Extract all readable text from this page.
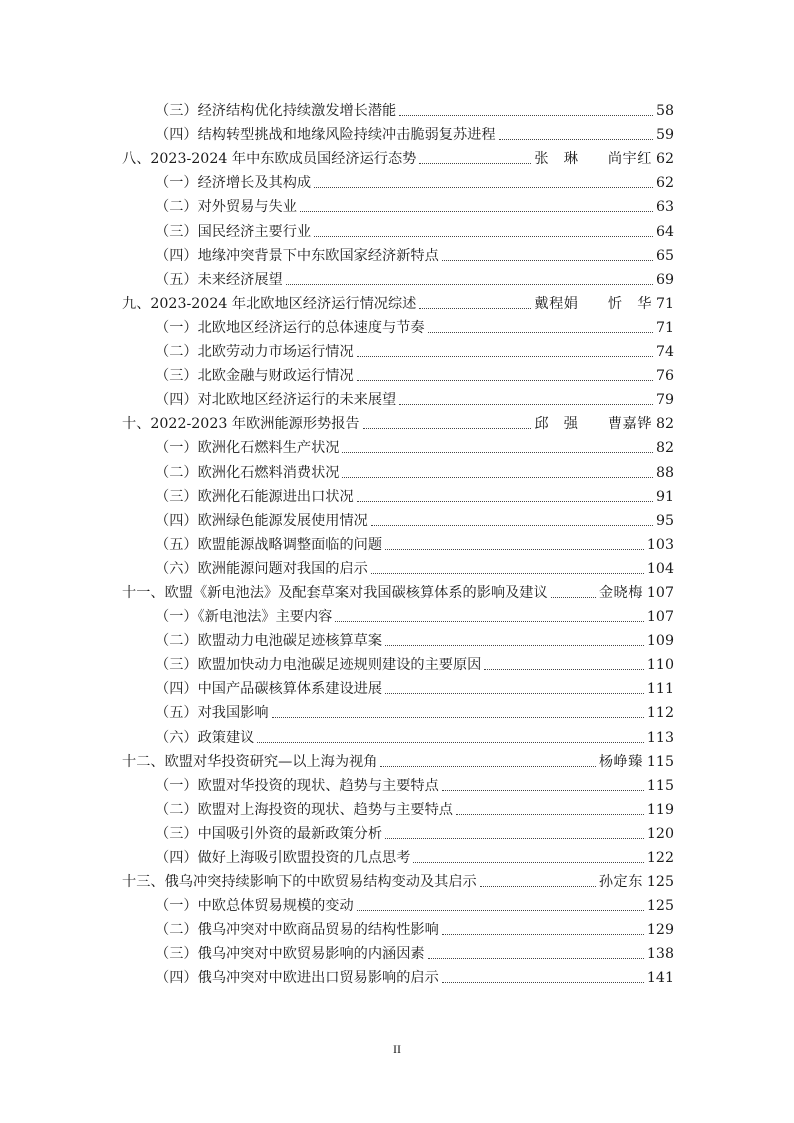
（三）经济结构优化持续激发增长潜能	58
（四）结构转型挑战和地缘风险持续冲击脆弱复苏进程	59
八、2023-2024 年中东欧成员国经济运行态势	张　琳　　尚宇红 62
（一）经济增长及其构成	62
（二）对外贸易与失业	63
（三）国民经济主要行业	64
（四）地缘冲突背景下中东欧国家经济新特点	65
（五）未来经济展望	69
九、2023-2024 年北欧地区经济运行情况综述	戴程娟　　忻　华 71
（一）北欧地区经济运行的总体速度与节奏	71
（二）北欧劳动力市场运行情况	74
（三）北欧金融与财政运行情况	76
（四）对北欧地区经济运行的未来展望	79
十、2022-2023 年欧洲能源形势报告	邱　强　　曹嘉铧 82
（一）欧洲化石燃料生产状况	82
（二）欧洲化石燃料消费状况	88
（三）欧洲化石能源进出口状况	91
（四）欧洲绿色能源发展使用情况	95
（五）欧盟能源战略调整面临的问题	103
（六）欧洲能源问题对我国的启示	104
十一、欧盟《新电池法》及配套草案对我国碳核算体系的影响及建议	金晓梅 107
（一）《新电池法》主要内容	107
（二）欧盟动力电池碳足迹核算草案	109
（三）欧盟加快动力电池碳足迹规则建设的主要原因	110
（四）中国产品碳核算体系建设进展	111
（五）对我国影响	112
（六）政策建议	113
十二、欧盟对华投资研究—以上海为视角	杨峥臻 115
（一）欧盟对华投资的现状、趋势与主要特点	115
（二）欧盟对上海投资的现状、趋势与主要特点	119
（三）中国吸引外资的最新政策分析	120
（四）做好上海吸引欧盟投资的几点思考	122
十三、俄乌冲突持续影响下的中欧贸易结构变动及其启示	孙定东 125
（一）中欧总体贸易规模的变动	125
（二）俄乌冲突对中欧商品贸易的结构性影响	129
（三）俄乌冲突对中欧贸易影响的内涵因素	138
（四）俄乌冲突对中欧进出口贸易影响的启示	141
II
